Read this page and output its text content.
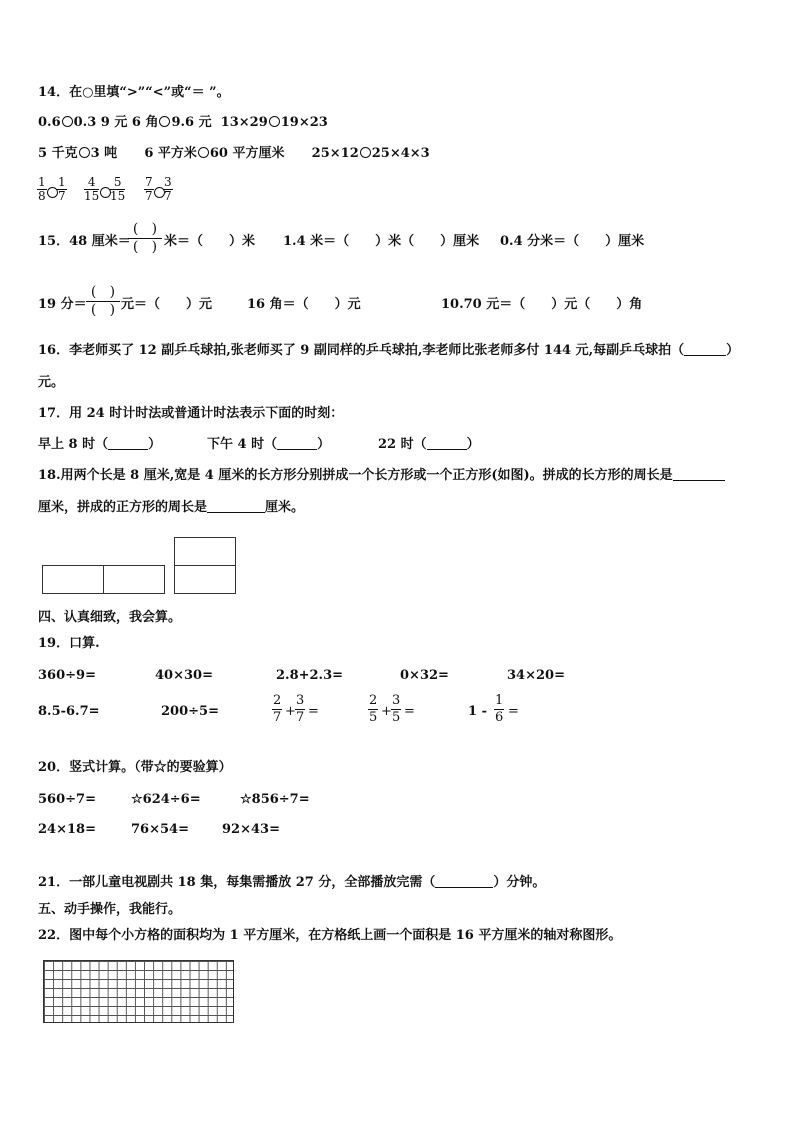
14．在○里填“>”“<”或“＝ ”。
0.6 0.3 9 元 6 角 9.6 元 13×29 19×23
5 千克 3 吨 6 平方米 60 平方厘米 25×12 25×4×3
$\frac{1}{8} \frac{1}{7} \frac{4}{15} \frac{5}{15} \frac{7}{7} \frac{3}{7}$
15．48 厘米＝
(   )
(   ) 米＝（　　）米 1.4 米＝（　　）米（　　）厘米 0.4 分米＝（　　）厘米
19 分＝
(   )
(   ) 元＝（　　）元	16 角＝（　　）元	10.70 元＝（　　）元（　　）角
16．李老师买了 12 副乒乓球拍,张老师买了 9 副同样的乒乓球拍,李老师比张老师多付 144 元,每副乒乓球拍（	）
元。
17．用 24 时计时法或普通计时法表示下面的时刻：
早上 8 时（	）	下午 4 时（	）	22 时（	）
18.用两个长是 8 厘米,宽是 4 厘米的长方形分别拼成一个长方形或一个正方形(如图)。拼成的长方形的周长是
厘米，拼成的正方形的周长是	厘米。
四、认真细致，我会算。
19．口算.
360÷9=	40×30=	2.8+2.3=	0×32=	34×20=
8.5-6.7=	200÷5=	$\frac{2}{7} + \frac{3}{7}$ =	$\frac{2}{5} + \frac{3}{5}$ =	$1 - \frac{1}{6}$ =
20．竖式计算。（带☆的要验算）
560÷7=	☆624÷6=	☆856÷7=
24×18=	76×54=	92×43=
21．一部儿童电视剧共 18 集，每集需播放 27 分，全部播放完需（	）分钟。
五、动手操作，我能行。
22．图中每个小方格的面积均为 1 平方厘米，在方格纸上画一个面积是 16 平方厘米的轴对称图形。
